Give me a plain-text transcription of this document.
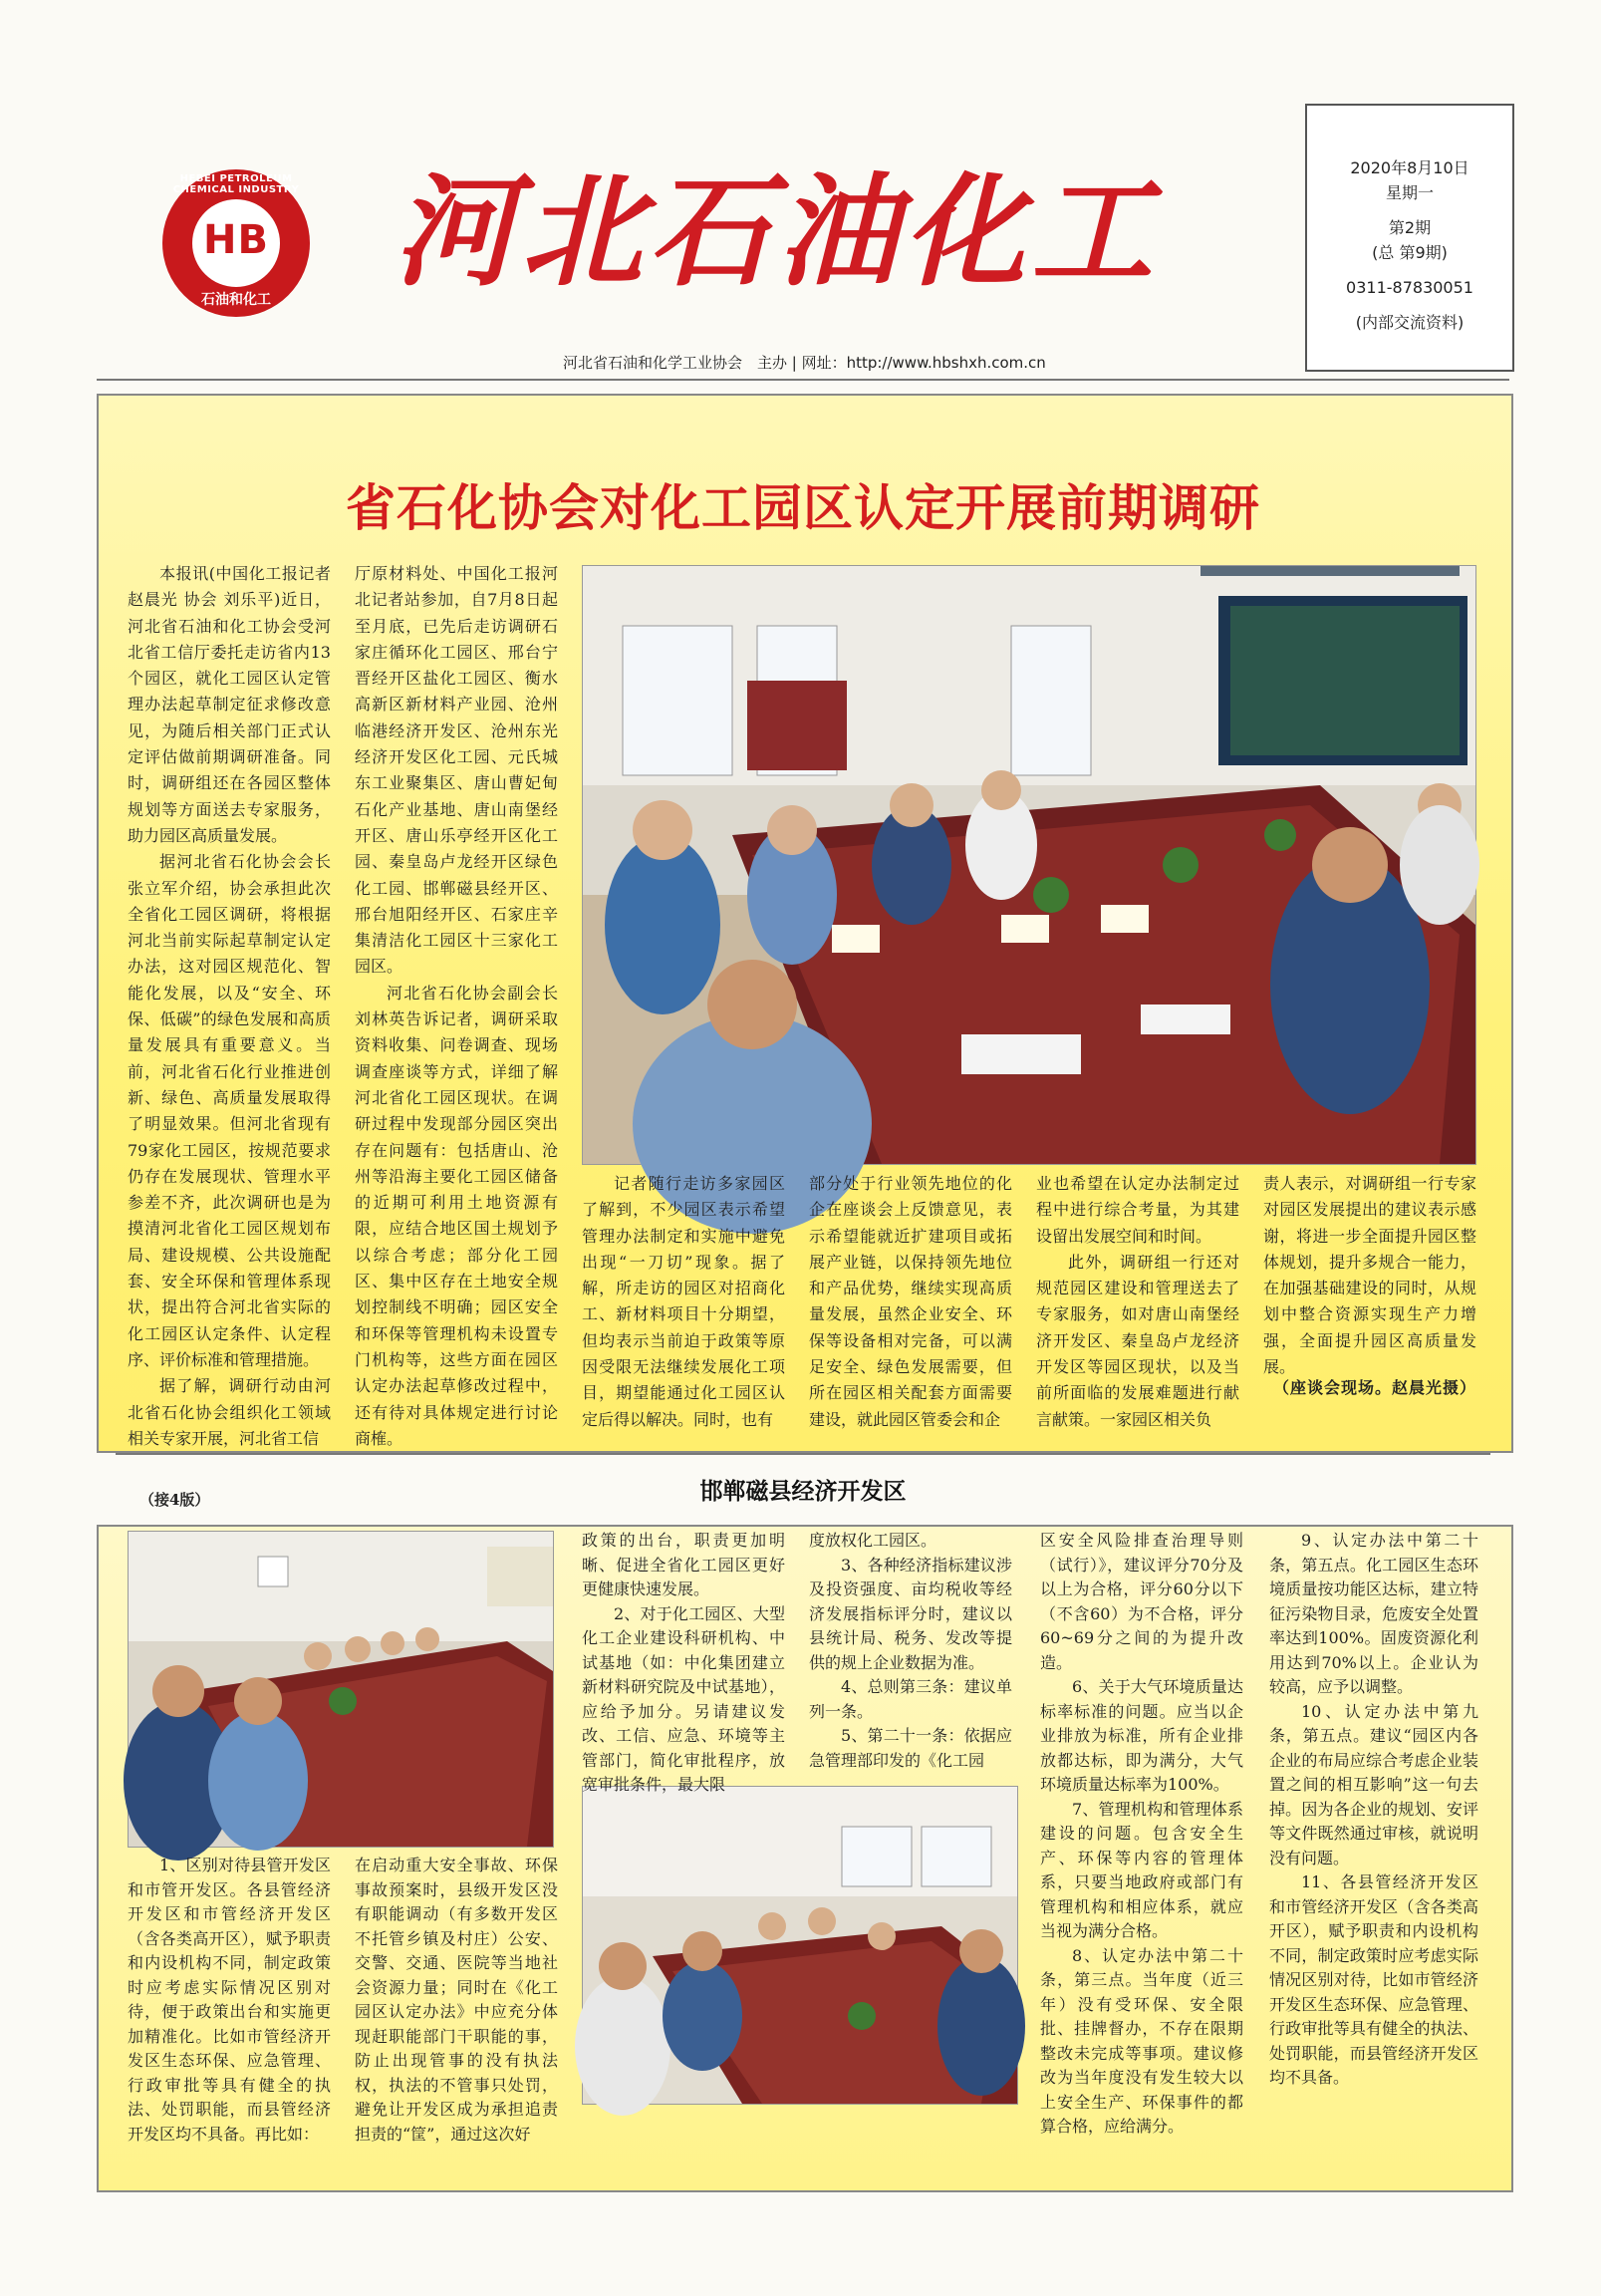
HEBEI PETROLEUM CHEMICAL INDUSTRY
HB
石油和化工	河北石油化工	2020年8月10日
星期一
第2期
(总 第9期)
0311-87830051
(内部交流资料)
河北省石油和化学工业协会　主办 | 网址：http://www.hbshxh.com.cn
省石化协会对化工园区认定开展前期调研

本报讯(中国化工报记者赵晨光 协会 刘乐平)近日，河北省石油和化工协会受河北省工信厅委托走访省内13个园区，就化工园区认定管理办法起草制定征求修改意见，为随后相关部门正式认定评估做前期调研准备。同时，调研组还在各园区整体规划等方面送去专家服务，助力园区高质量发展。

据河北省石化协会会长张立军介绍，协会承担此次全省化工园区调研，将根据河北当前实际起草制定认定办法，这对园区规范化、智能化发展，以及“安全、环保、低碳”的绿色发展和高质量发展具有重要意义。当前，河北省石化行业推进创新、绿色、高质量发展取得了明显效果。但河北省现有79家化工园区，按规范要求仍存在发展现状、管理水平参差不齐，此次调研也是为摸清河北省化工园区规划布局、建设规模、公共设施配套、安全环保和管理体系现状，提出符合河北省实际的化工园区认定条件、认定程序、评价标准和管理措施。

据了解，调研行动由河北省石化协会组织化工领域相关专家开展，河北省工信

厅原材料处、中国化工报河北记者站参加，自7月8日起至月底，已先后走访调研石家庄循环化工园区、邢台宁晋经开区盐化工园区、衡水高新区新材料产业园、沧州临港经济开发区、沧州东光经济开发区化工园、元氏城东工业聚集区、唐山曹妃甸石化产业基地、唐山南堡经开区、唐山乐亭经开区化工园、秦皇岛卢龙经开区绿色化工园、邯郸磁县经开区、邢台旭阳经开区、石家庄辛集清洁化工园区十三家化工园区。

河北省石化协会副会长刘林英告诉记者，调研采取资料收集、问卷调查、现场调查座谈等方式，详细了解河北省化工园区现状。在调研过程中发现部分园区突出存在问题有：包括唐山、沧州等沿海主要化工园区储备的近期可利用土地资源有限，应结合地区国土规划予以综合考虑；部分化工园区、集中区存在土地安全规划控制线不明确；园区安全和环保等管理机构未设置专门机构等，这些方面在园区认定办法起草修改过程中，还有待对具体规定进行讨论商榷。

记者随行走访多家园区了解到，不少园区表示希望管理办法制定和实施中避免出现“一刀切”现象。据了解，所走访的园区对招商化工、新材料项目十分期望，但均表示当前迫于政策等原因受限无法继续发展化工项目，期望能通过化工园区认定后得以解决。同时，也有

部分处于行业领先地位的化企在座谈会上反馈意见，表示希望能就近扩建项目或拓展产业链，以保持领先地位和产品优势，继续实现高质量发展，虽然企业安全、环保等设备相对完备，可以满足安全、绿色发展需要，但所在园区相关配套方面需要建设，就此园区管委会和企

业也希望在认定办法制定过程中进行综合考量，为其建设留出发展空间和时间。

此外，调研组一行还对规范园区建设和管理送去了专家服务，如对唐山南堡经济开发区、秦皇岛卢龙经济开发区等园区现状，以及当前所面临的发展难题进行献言献策。一家园区相关负

责人表示，对调研组一行专家对园区发展提出的建议表示感谢，将进一步全面提升园区整体规划，提升多规合一能力，在加强基础建设的同时，从规划中整合资源实现生产力增强，全面提升园区高质量发展。

（座谈会现场。赵晨光摄）
邯郸磁县经济开发区
（接4版）

1、区别对待县管开发区和市管开发区。各县管经济开发区和市管经济开发区（含各类高开区），赋予职责和内设机构不同，制定政策时应考虑实际情况区别对待，便于政策出台和实施更加精准化。比如市管经济开发区生态环保、应急管理、行政审批等具有健全的执法、处罚职能，而县管经济开发区均不具备。再比如：

在启动重大安全事故、环保事故预案时，县级开发区没有职能调动（有多数开发区不托管乡镇及村庄）公安、交警、交通、医院等当地社会资源力量；同时在《化工园区认定办法》中应充分体现赶职能部门干职能的事，防止出现管事的没有执法权，执法的不管事只处罚，避免让开发区成为承担追责担责的“筐”，通过这次好

政策的出台，职责更加明晰、促进全省化工园区更好更健康快速发展。

2、对于化工园区、大型化工企业建设科研机构、中试基地（如：中化集团建立新材料研究院及中试基地），应给予加分。另请建议发改、工信、应急、环境等主管部门，简化审批程序，放宽审批条件，最大限

度放权化工园区。

3、各种经济指标建议涉及投资强度、亩均税收等经济发展指标评分时，建议以县统计局、税务、发改等提供的规上企业数据为准。

4、总则第三条：建议单列一条。

5、第二十一条：依据应急管理部印发的《化工园

区安全风险排查治理导则（试行）》，建议评分70分及以上为合格，评分60分以下（不含60）为不合格，评分60~69分之间的为提升改造。

6、关于大气环境质量达标率标准的问题。应当以企业排放为标准，所有企业排放都达标，即为满分，大气环境质量达标率为100%。

7、管理机构和管理体系建设的问题。包含安全生产、环保等内容的管理体系，只要当地政府或部门有管理机构和相应体系，就应当视为满分合格。

8、认定办法中第二十条，第三点。当年度（近三年）没有受环保、安全限批、挂牌督办，不存在限期整改未完成等事项。建议修改为当年度没有发生较大以上安全生产、环保事件的都算合格，应给满分。

9、认定办法中第二十条，第五点。化工园区生态环境质量按功能区达标，建立特征污染物目录，危废安全处置率达到100%。固废资源化利用达到70%以上。企业认为较高，应予以调整。

10、认定办法中第九条，第五点。建议“园区内各企业的布局应综合考虑企业装置之间的相互影响”这一句去掉。因为各企业的规划、安评等文件既然通过审核，就说明没有问题。

11、各县管经济开发区和市管经济开发区（含各类高开区），赋予职责和内设机构不同，制定政策时应考虑实际情况区别对待，比如市管经济开发区生态环保、应急管理、行政审批等具有健全的执法、处罚职能，而县管经济开发区均不具备。
